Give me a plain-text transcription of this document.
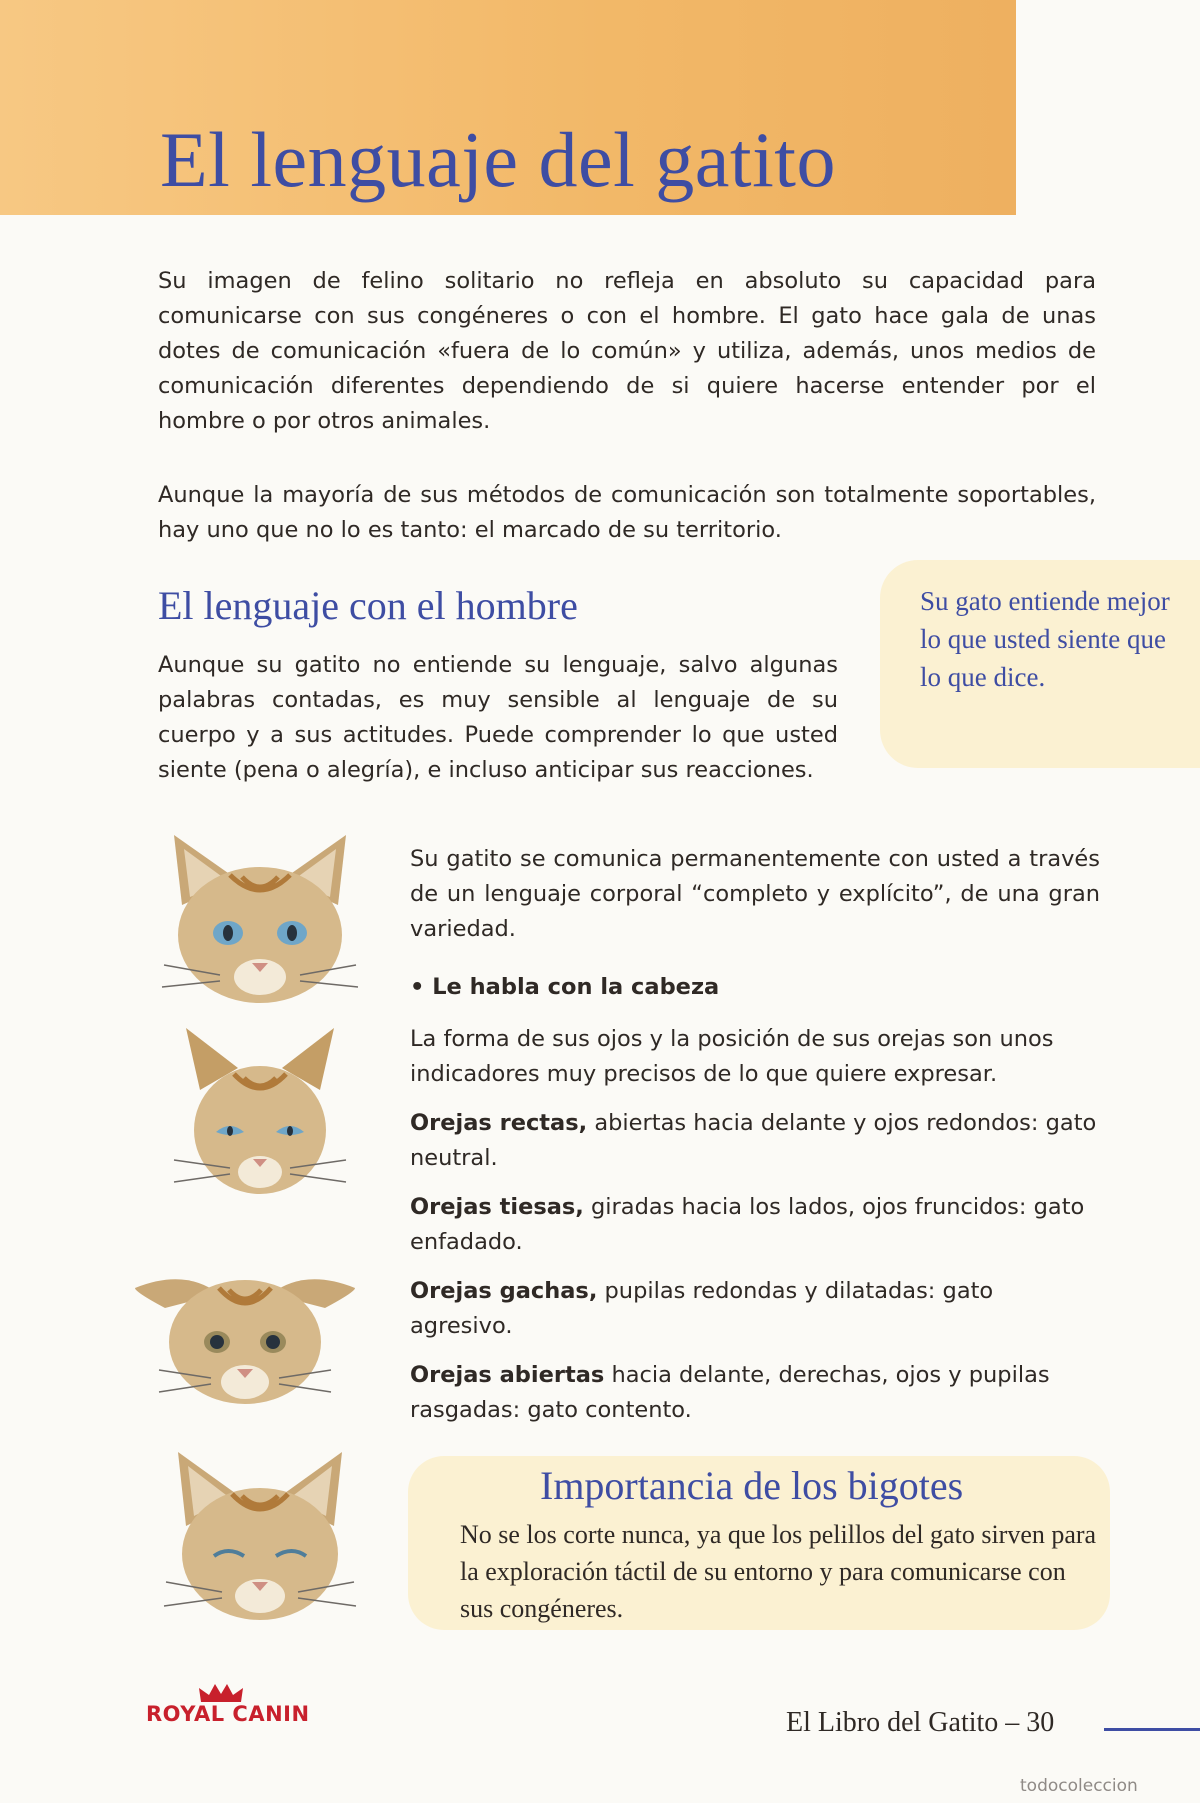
El lenguaje del gatito

Su imagen de felino solitario no refleja en absoluto su capacidad para comunicarse con sus congéneres o con el hombre. El gato hace gala de unas dotes de comunicación «fuera de lo común» y utiliza, además, unos medios de comunicación diferentes dependiendo de si quiere hacerse entender por el hombre o por otros animales.

Aunque la mayoría de sus métodos de comunicación son totalmente soportables, hay uno que no lo es tanto: el marcado de su territorio.

El lenguaje con el hombre

Aunque su gatito no entiende su lenguaje, salvo algunas palabras contadas, es muy sensible al lenguaje de su cuerpo y a sus actitudes. Puede comprender lo que usted siente (pena o alegría), e incluso anticipar sus reacciones.

Su gato entiende mejor lo que usted siente que lo que dice.

Su gatito se comunica permanentemente con usted a través de un lenguaje corporal “completo y explícito”, de una gran variedad.

• Le habla con la cabeza

La forma de sus ojos y la posición de sus orejas son unos indicadores muy precisos de lo que quiere expresar.

Orejas rectas, abiertas hacia delante y ojos redondos: gato neutral.

Orejas tiesas, giradas hacia los lados, ojos fruncidos: gato enfadado.

Orejas gachas, pupilas redondas y dilatadas: gato agresivo.

Orejas abiertas hacia delante, derechas, ojos y pupilas rasgadas: gato contento.

Importancia de los bigotes

No se los corte nunca, ya que los pelillos del gato sirven para la exploración táctil de su entorno y para comunicarse con sus congéneres.

ROYAL CANIN	El Libro del Gatito – 30

todocoleccion
